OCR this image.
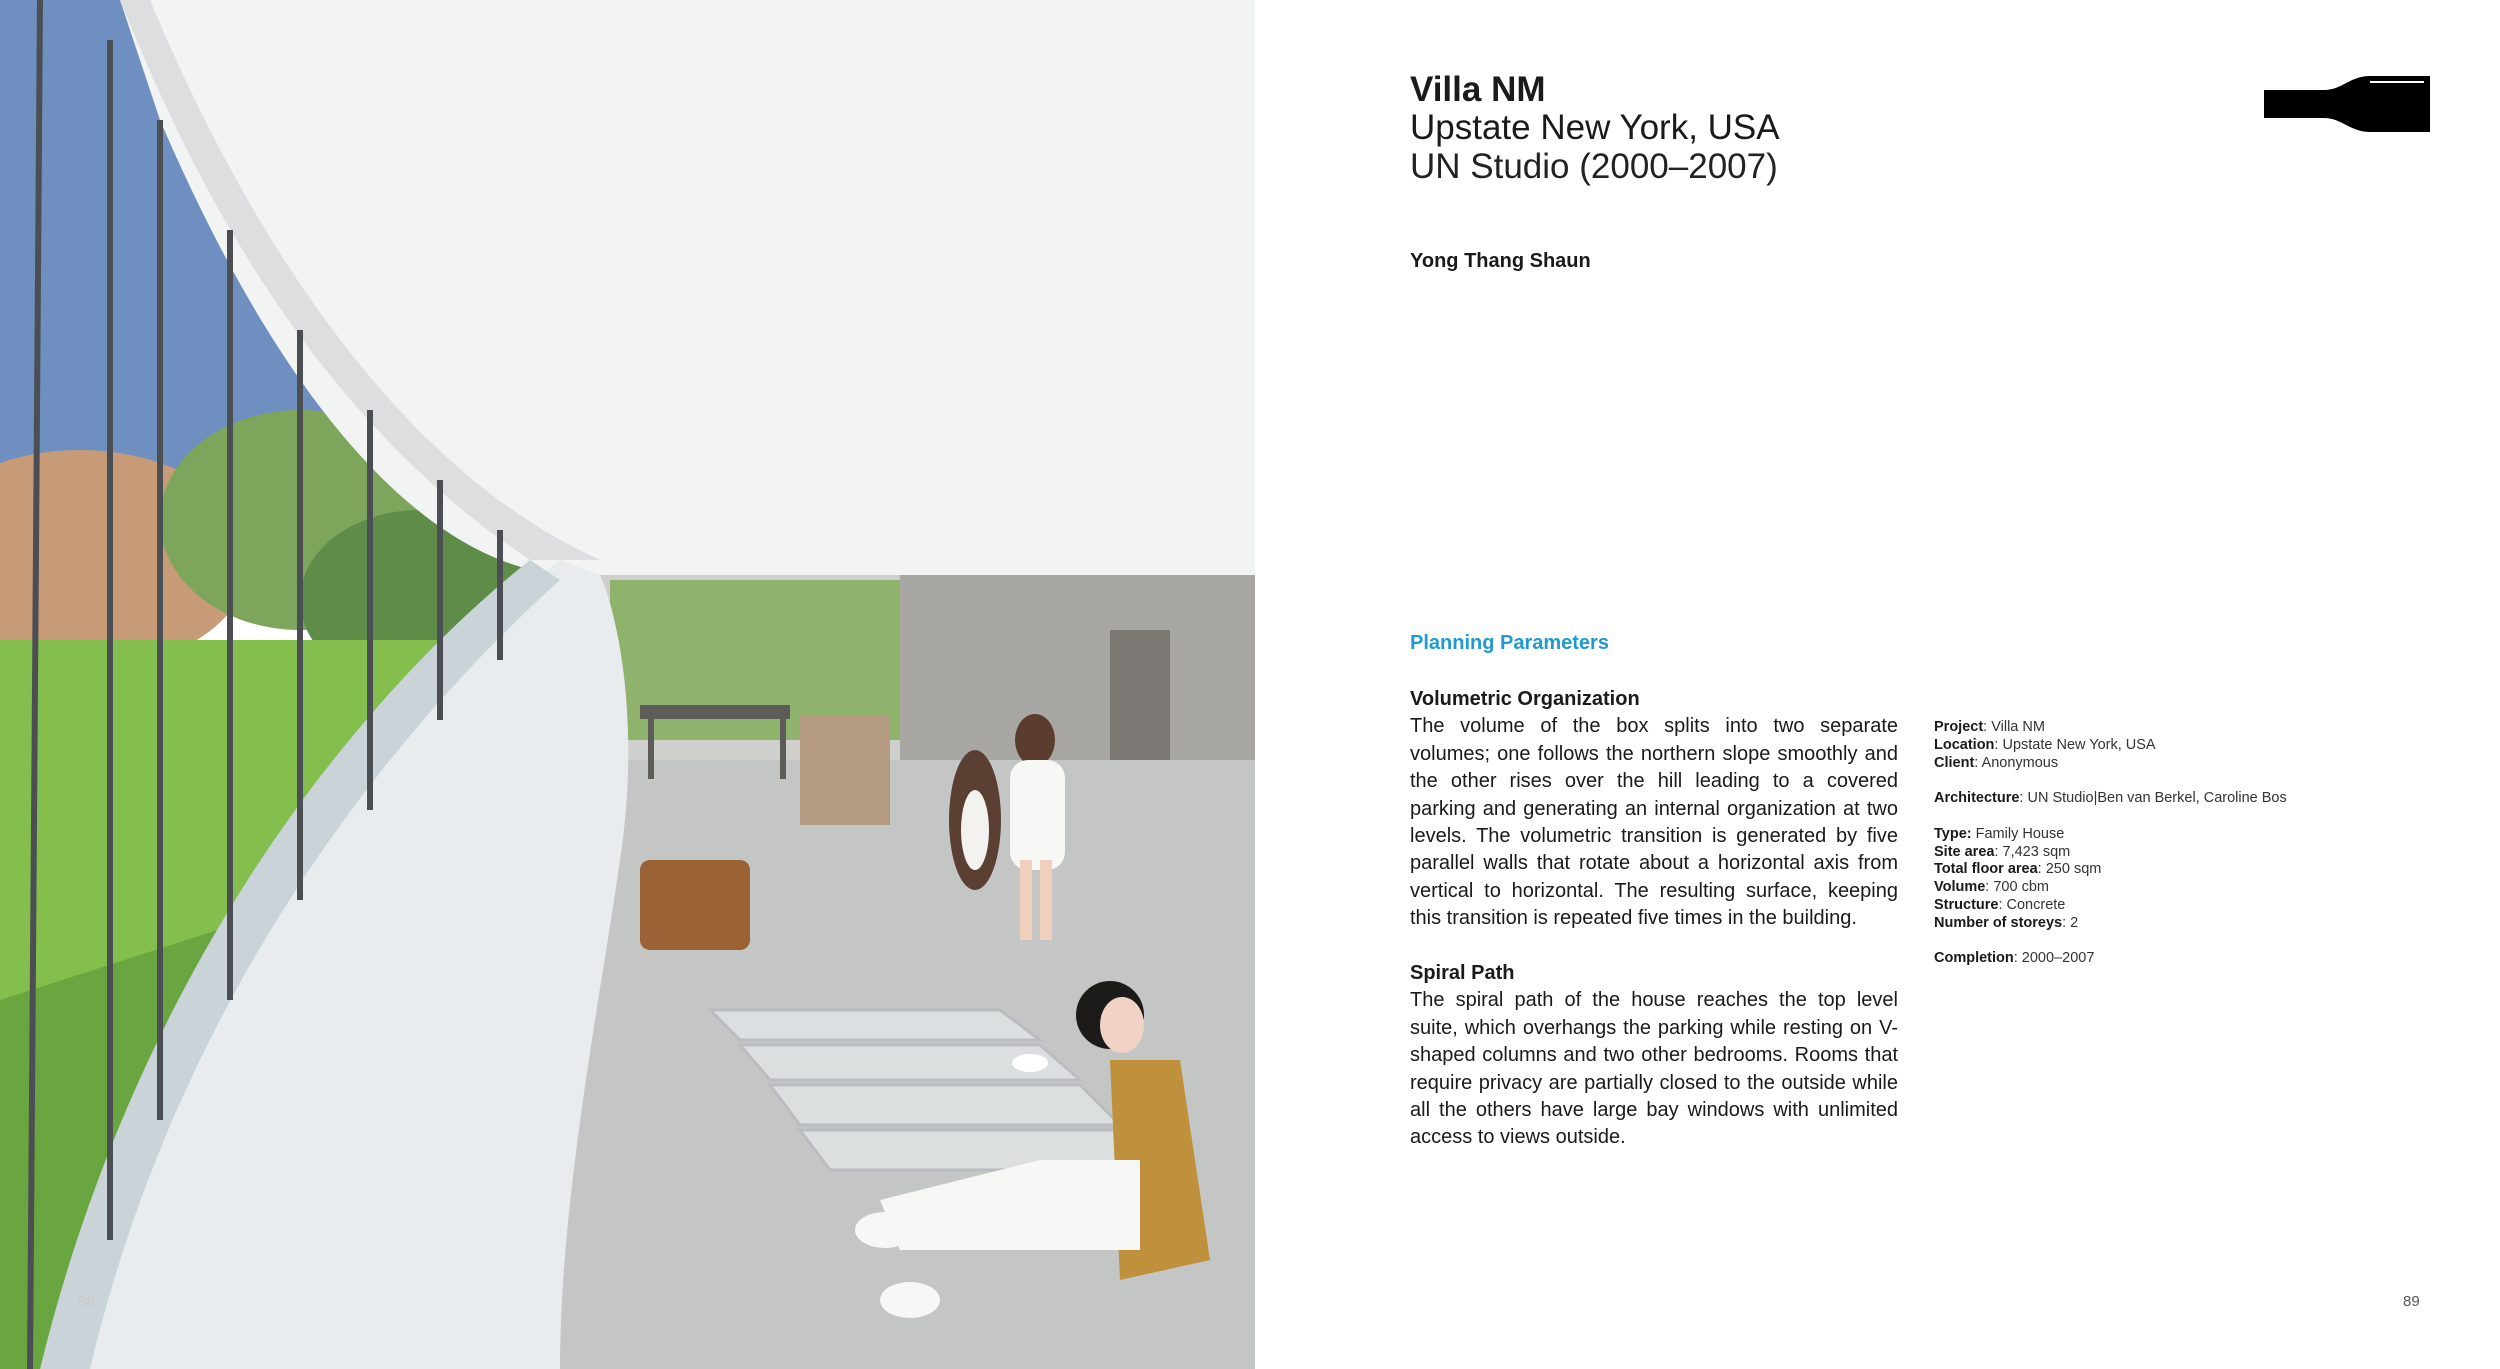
88
Villa NM
Upstate New York, USA
UN Studio (2000–2007)
Yong Thang Shaun
Planning Parameters
Volumetric Organization

The volume of the box splits into two separate volumes; one follows the northern slope smoothly and the other rises over the hill leading to a covered parking and generating an internal organization at two levels. The volumetric transition is generated by five parallel walls that rotate about a horizontal axis from vertical to horizontal. The resulting surface, keeping this transition is repeated five times in the building.

Spiral Path

The spiral path of the house reaches the top level suite, which overhangs the parking while resting on V-shaped columns and two other bedrooms. Rooms that require privacy are partially closed to the outside while all the others have large bay windows with unlimited access to views outside.

Project: Villa NM
Location: Upstate New York, USA
Client: Anonymous
Architecture: UN Studio|Ben van Berkel, Caroline Bos
Type: Family House
Site area: 7,423 sqm
Total floor area: 250 sqm
Volume: 700 cbm
Structure: Concrete
Number of storeys: 2
Completion: 2000–2007
89
